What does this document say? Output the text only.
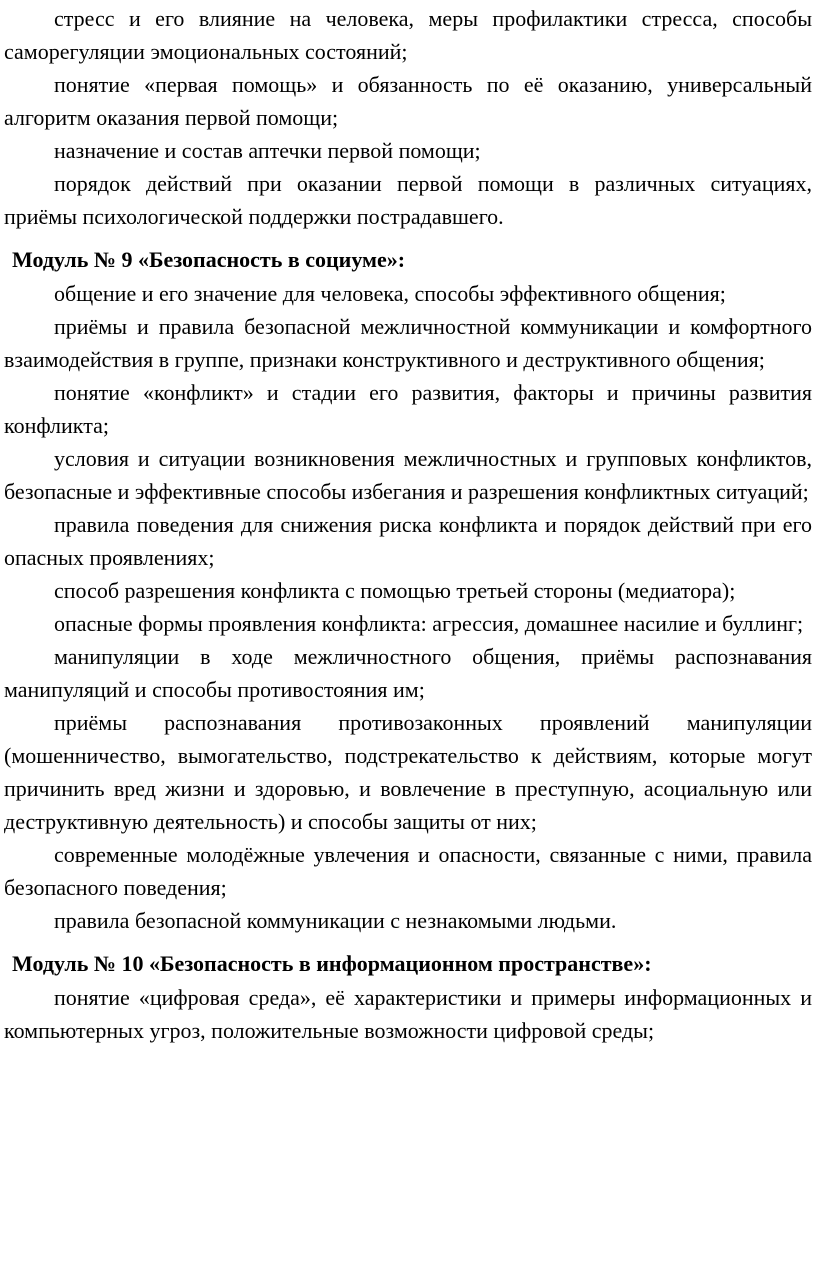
стресс и его влияние на человека, меры профилактики стресса, способы саморегуляции эмоциональных состояний;

понятие «первая помощь» и обязанность по её оказанию, универсальный алгоритм оказания первой помощи;

назначение и состав аптечки первой помощи;

порядок действий при оказании первой помощи в различных ситуациях, приёмы психологической поддержки пострадавшего.

Модуль № 9 «Безопасность в социуме»:

общение и его значение для человека, способы эффективного общения;

приёмы и правила безопасной межличностной коммуникации и комфортного взаимодействия в группе, признаки конструктивного и деструктивного общения;

понятие «конфликт» и стадии его развития, факторы и причины развития конфликта;

условия и ситуации возникновения межличностных и групповых конфликтов, безопасные и эффективные способы избегания и разрешения конфликтных ситуаций;

правила поведения для снижения риска конфликта и порядок действий при его опасных проявлениях;

способ разрешения конфликта с помощью третьей стороны (медиатора);

опасные формы проявления конфликта: агрессия, домашнее насилие и буллинг;

манипуляции в ходе межличностного общения, приёмы распознавания манипуляций и способы противостояния им;

приёмы распознавания противозаконных проявлений манипуляции (мошенничество, вымогательство, подстрекательство к действиям, которые могут причинить вред жизни и здоровью, и вовлечение в преступную, асоциальную или деструктивную деятельность) и способы защиты от них;

современные молодёжные увлечения и опасности, связанные с ними, правила безопасного поведения;

правила безопасной коммуникации с незнакомыми людьми.

Модуль № 10 «Безопасность в информационном пространстве»:

понятие «цифровая среда», её характеристики и примеры информационных и компьютерных угроз, положительные возможности цифровой среды;
